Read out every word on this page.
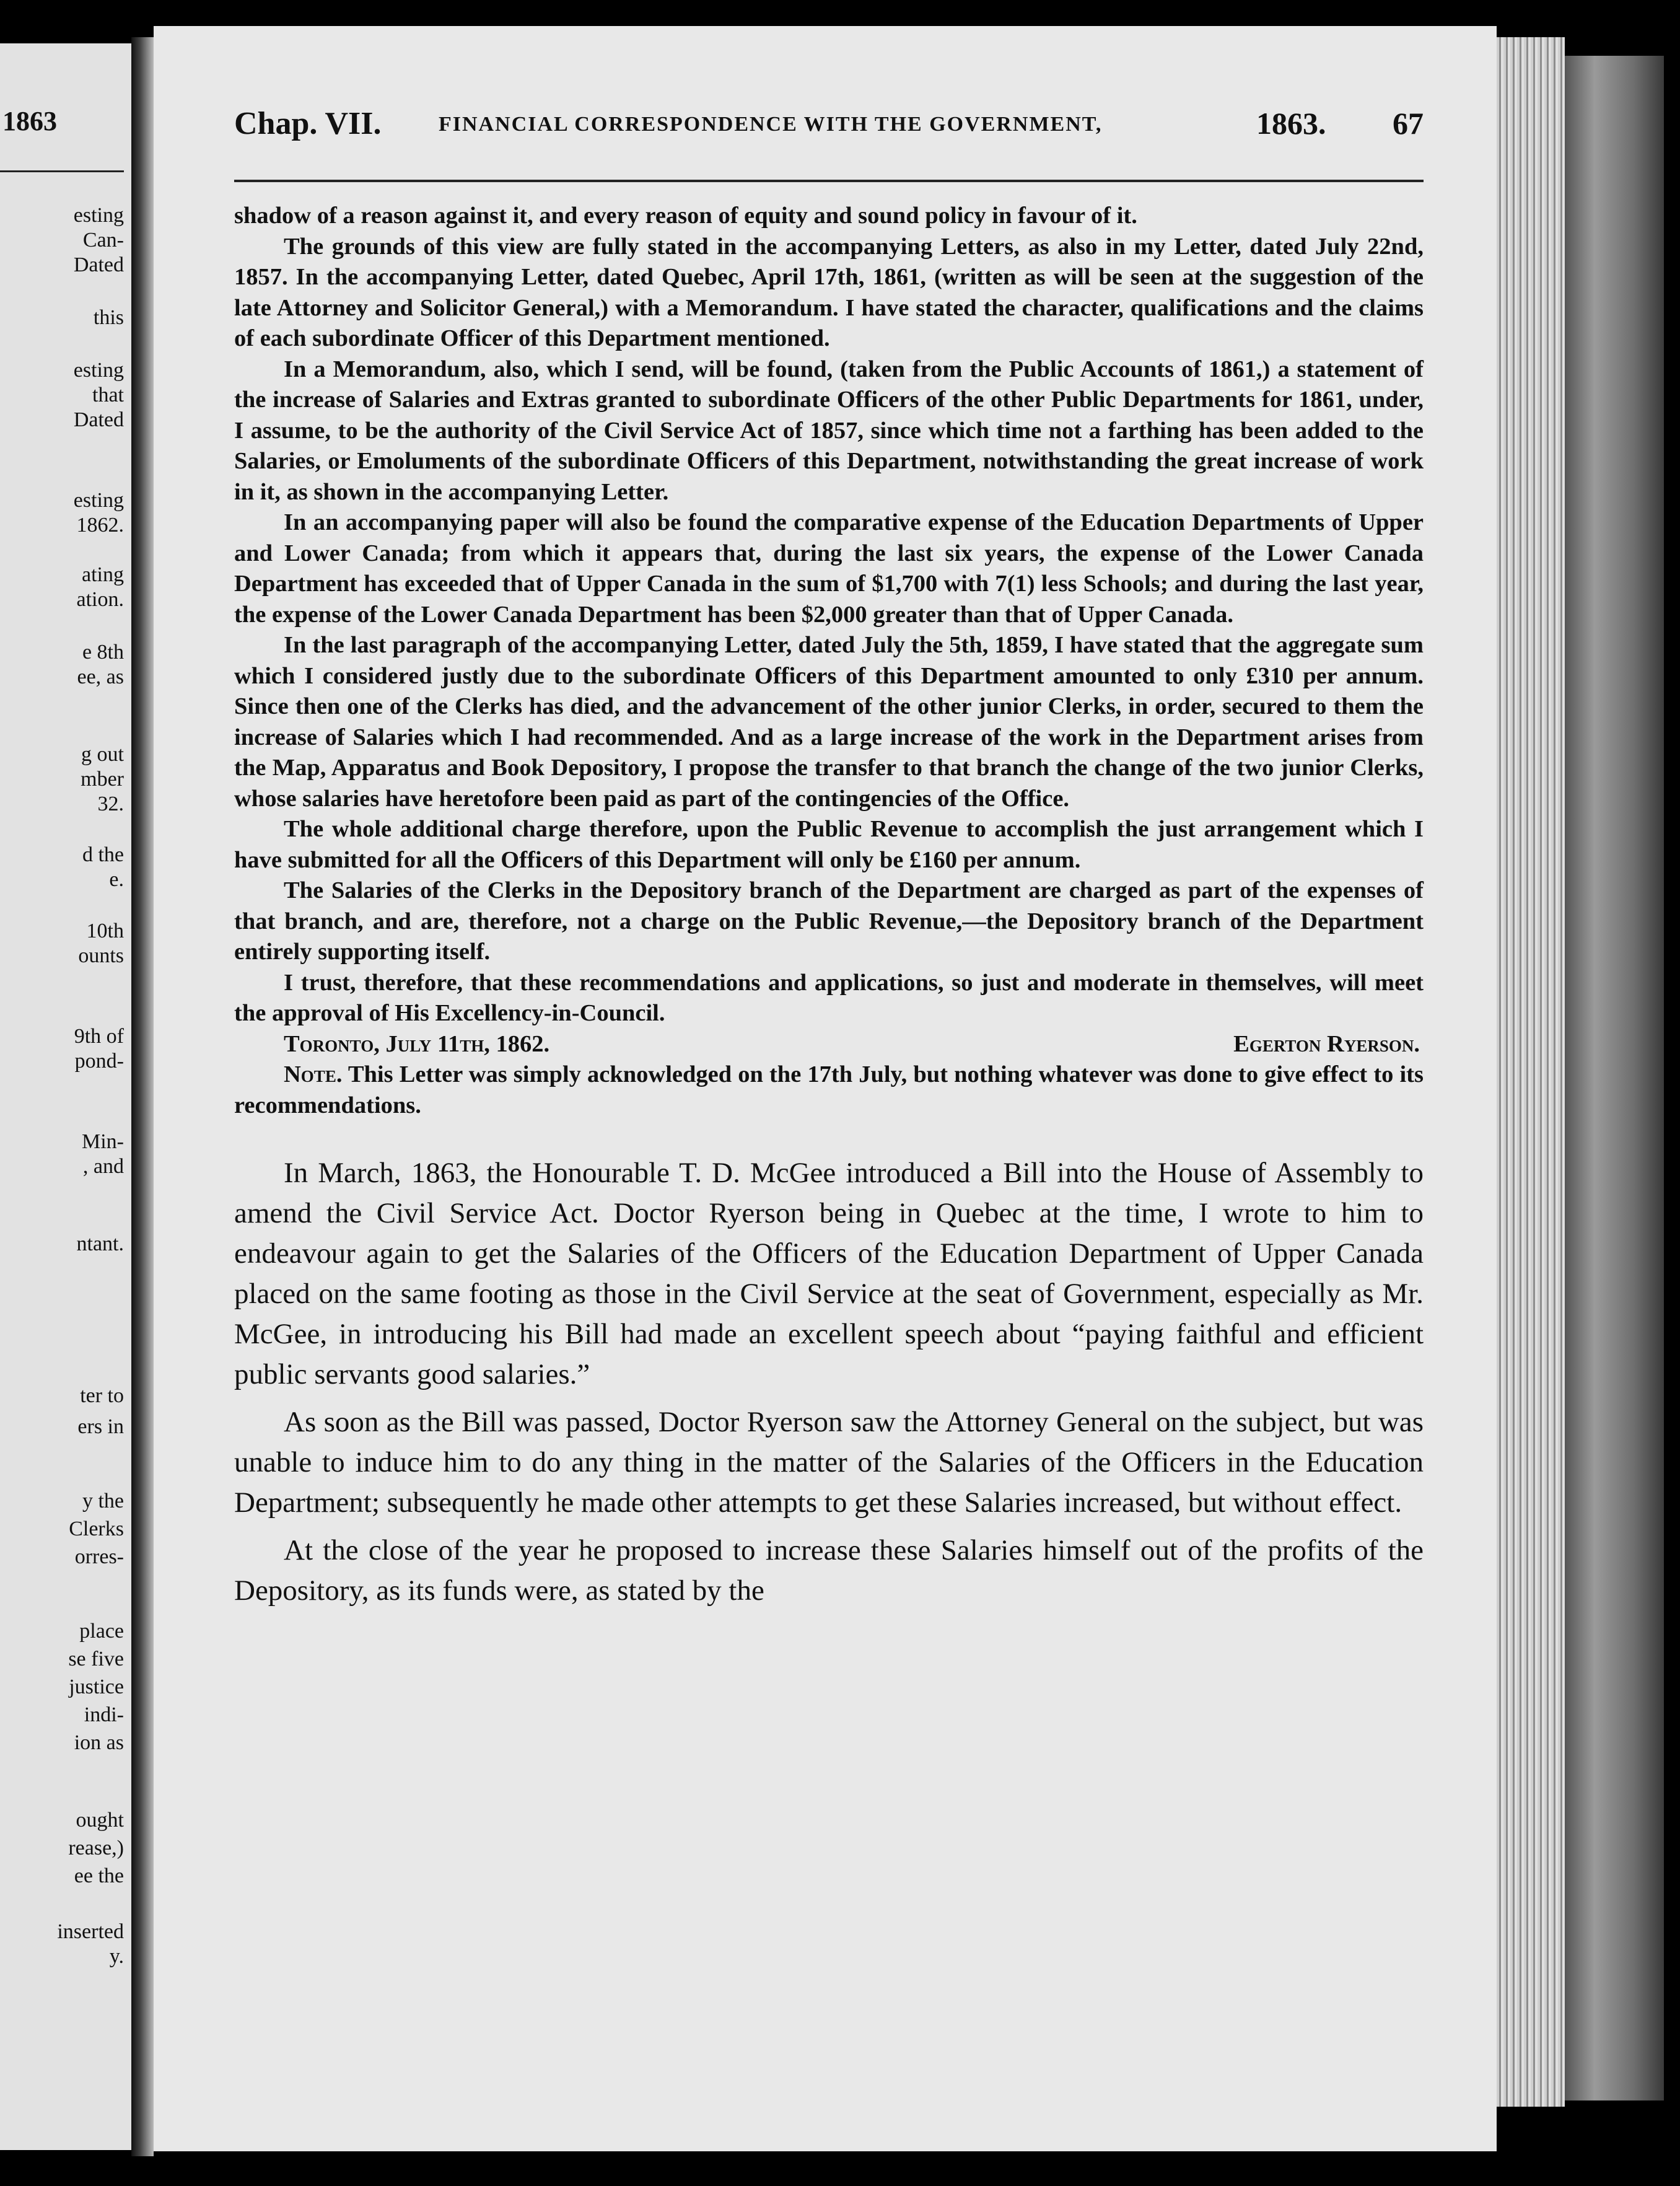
1863
esting
Can-
Dated
this
esting
that
Dated
esting
1862.
ating
ation.
e 8th
ee, as
g out
mber
32.
d the
e.
10th
ounts
9th of
pond-
Min-
, and
ntant.
ter to
ers in
y the
Clerks
orres-
place
se five
justice
indi-
ion as
ought
rease,)
ee the
inserted
y.
Chap. VII.	FINANCIAL CORRESPONDENCE WITH THE GOVERNMENT,	1863. 67

shadow of a reason against it, and every reason of equity and sound policy in favour of it.

The grounds of this view are fully stated in the accompanying Letters, as also in my Letter, dated July 22nd, 1857. In the accompanying Letter, dated Quebec, April 17th, 1861, (written as will be seen at the suggestion of the late Attorney and Solicitor General,) with a Memorandum. I have stated the character, qualifications and the claims of each subordinate Officer of this Department mentioned.

In a Memorandum, also, which I send, will be found, (taken from the Public Accounts of 1861,) a statement of the increase of Salaries and Extras granted to subordinate Officers of the other Public Departments for 1861, under, I assume, to be the authority of the Civil Service Act of 1857, since which time not a farthing has been added to the Salaries, or Emoluments of the subordinate Officers of this Department, notwithstanding the great increase of work in it, as shown in the accompanying Letter.

In an accompanying paper will also be found the comparative expense of the Education Departments of Upper and Lower Canada; from which it appears that, during the last six years, the expense of the Lower Canada Department has exceeded that of Upper Canada in the sum of $1,700 with 7(1) less Schools; and during the last year, the expense of the Lower Canada Department has been $2,000 greater than that of Upper Canada.

In the last paragraph of the accompanying Letter, dated July the 5th, 1859, I have stated that the aggregate sum which I considered justly due to the subordinate Officers of this Department amounted to only £310 per annum. Since then one of the Clerks has died, and the advancement of the other junior Clerks, in order, secured to them the increase of Salaries which I had recommended. And as a large increase of the work in the Department arises from the Map, Apparatus and Book Depository, I propose the transfer to that branch the change of the two junior Clerks, whose salaries have heretofore been paid as part of the contingencies of the Office.

The whole additional charge therefore, upon the Public Revenue to accomplish the just arrangement which I have submitted for all the Officers of this Department will only be £160 per annum.

The Salaries of the Clerks in the Depository branch of the Department are charged as part of the expenses of that branch, and are, therefore, not a charge on the Public Revenue,—the Depository branch of the Department entirely supporting itself.

I trust, therefore, that these recommendations and applications, so just and moderate in themselves, will meet the approval of His Excellency-in-Council.

Toronto, July 11th, 1862.	Egerton Ryerson.

Note. This Letter was simply acknowledged on the 17th July, but nothing whatever was done to give effect to its recommendations.

In March, 1863, the Honourable T. D. McGee introduced a Bill into the House of Assembly to amend the Civil Service Act. Doctor Ryerson being in Quebec at the time, I wrote to him to endeavour again to get the Salaries of the Officers of the Education Department of Upper Canada placed on the same footing as those in the Civil Service at the seat of Government, especially as Mr. McGee, in introducing his Bill had made an excellent speech about “paying faithful and efficient public servants good salaries.”

As soon as the Bill was passed, Doctor Ryerson saw the Attorney General on the subject, but was unable to induce him to do any thing in the matter of the Salaries of the Officers in the Education Department; subsequently he made other attempts to get these Salaries increased, but without effect.

At the close of the year he proposed to increase these Salaries himself out of the profits of the Depository, as its funds were, as stated by the
